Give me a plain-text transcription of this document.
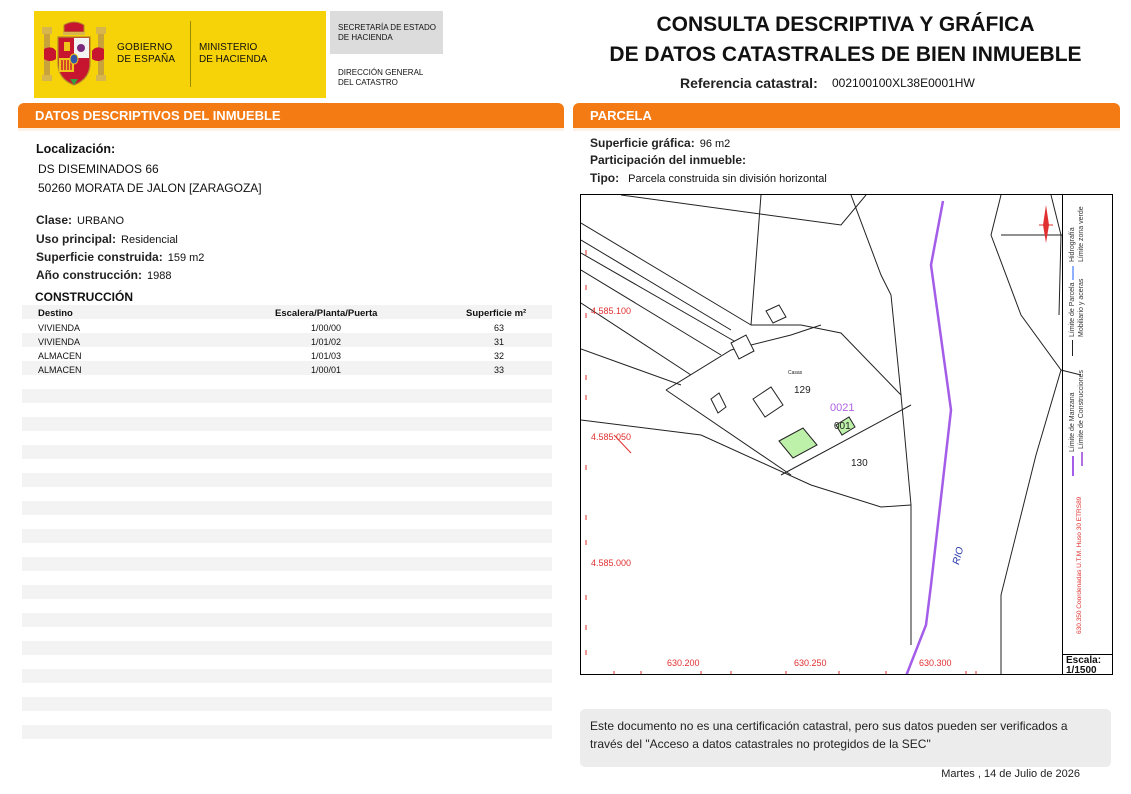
GOBIERNO
DE ESPAÑA
MINISTERIO
DE HACIENDA
SECRETARÍA DE ESTADO
DE HACIENDA
DIRECCIÓN GENERAL
DEL CATASTRO
CONSULTA DESCRIPTIVA Y GRÁFICA
DE DATOS CATASTRALES DE BIEN INMUEBLE
Referencia catastral: 002100100XL38E0001HW
DATOS DESCRIPTIVOS DEL INMUEBLE
Localización:
DS DISEMINADOS 66
50260 MORATA DE JALON [ZARAGOZA]
Clase: URBANO
Uso principal: Residencial
Superficie construida: 159 m2
Año construcción: 1988
CONSTRUCCIÓN
Destino	Escalera/Planta/Puerta	Superficie m²
VIVIENDA	1/00/00	63
VIVIENDA	1/01/02	31
ALMACEN	1/01/03	32
ALMACEN	1/00/01	33
PARCELA
Superficie gráfica: 96 m2
Participación del inmueble:
Tipo: Parcela construida sin división horizontal
4.585.100
4.585.050
4.585.000
630.200	630.250	630.300
129
130
0021
001
Casas
RIO
Límite de Manzana
Límite de Parcela
Límite de Construcciones
Mobiliario y aceras
Límite zona verde
Hidrografía
630.350 Coordenadas U.T.M. Huso 30 ETRS89
Escala:
1/1500
Este documento no es una certificación catastral, pero sus datos pueden ser verificados a través del "Acceso a datos catastrales no protegidos de la SEC"
Martes , 14 de Julio de 2026
